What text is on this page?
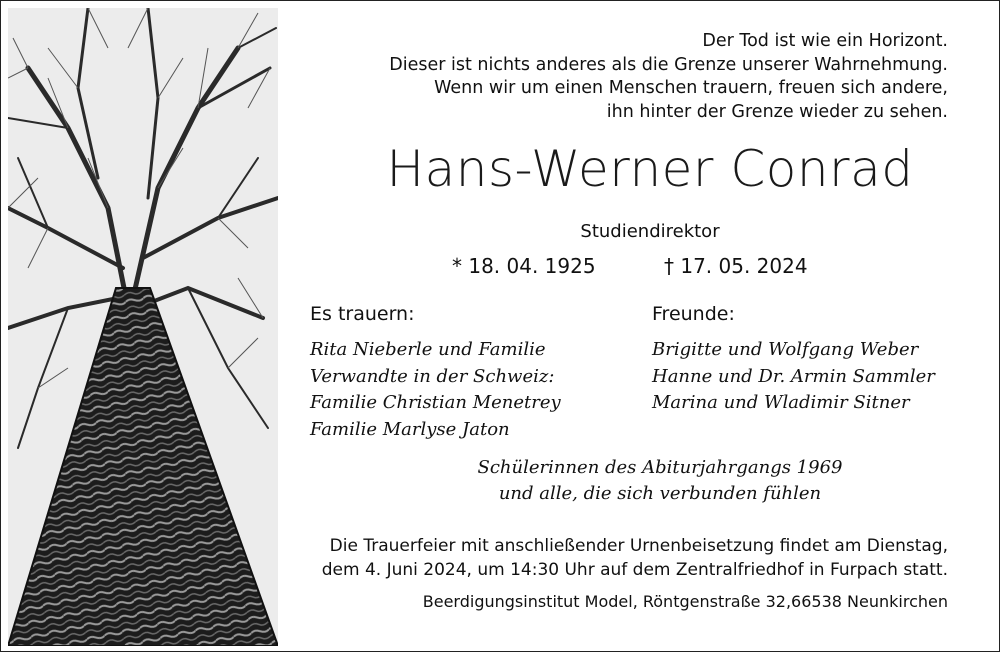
Der Tod ist wie ein Horizont.
Dieser ist nichts anderes als die Grenze unserer Wahrnehmung.
Wenn wir um einen Menschen trauern, freuen sich andere,
ihn hinter der Grenze wieder zu sehen.
Hans-Werner Conrad
Studiendirektor
* 18. 04. 1925	† 17. 05. 2024
Es trauern:
Rita Nieberle und Familie
Verwandte in der Schweiz:
Familie Christian Menetrey
Familie Marlyse Jaton
Freunde:
Brigitte und Wolfgang Weber
Hanne und Dr. Armin Sammler
Marina und Wladimir Sitner
Schülerinnen des Abiturjahrgangs 1969
und alle, die sich verbunden fühlen
Die Trauerfeier mit anschließender Urnenbeisetzung findet am Dienstag,
dem 4. Juni 2024, um 14:30 Uhr auf dem Zentralfriedhof in Furpach statt.
Beerdigungsinstitut Model, Röntgenstraße 32,66538 Neunkirchen
